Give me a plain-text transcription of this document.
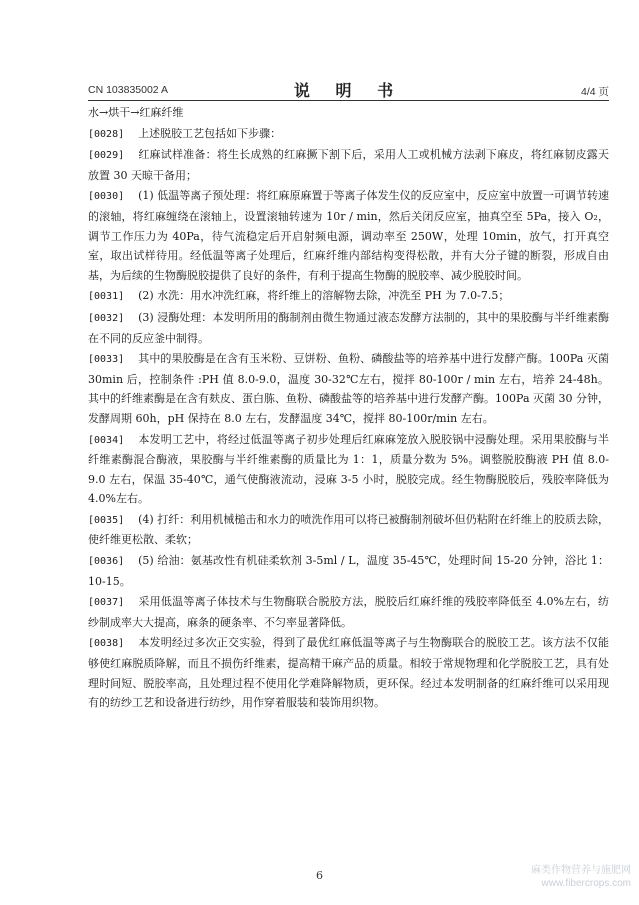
CN 103835002 A	说 明 书	4/4 页

水→烘干→红麻纤维

[0028] 上述脱胶工艺包括如下步骤：

[0029] 红麻试样准备：将生长成熟的红麻撅下割下后，采用人工或机械方法剥下麻皮，将红麻韧皮露天放置 30 天晾干备用；

[0030] (1) 低温等离子预处理：将红麻原麻置于等离子体发生仪的反应室中，反应室中放置一可调节转速的滚轴，将红麻缠绕在滚轴上，设置滚轴转速为 10r / min，然后关闭反应室，抽真空至 5Pa，接入 O₂，调节工作压力为 40Pa，待气流稳定后开启射频电源，调动率至 250W，处理 10min，放气，打开真空室，取出试样待用。经低温等离子处理后，红麻纤维内部结构变得松散，并有大分子键的断裂，形成自由基，为后续的生物酶脱胶提供了良好的条件，有利于提高生物酶的脱胶率、减少脱胶时间。

[0031] (2) 水洗：用水冲洗红麻，将纤维上的溶解物去除，冲洗至 PH 为 7.0-7.5；

[0032] (3) 浸酶处理：本发明所用的酶制剂由微生物通过液态发酵方法制的，其中的果胶酶与半纤维素酶在不同的反应釜中制得。

[0033] 其中的果胶酶是在含有玉米粉、豆饼粉、鱼粉、磷酸盐等的培养基中进行发酵产酶。100Pa 灭菌 30min 后，控制条件 :PH 值 8.0-9.0，温度 30-32℃左右，搅拌 80-100r / min 左右，培养 24-48h。其中的纤维素酶是在含有麸皮、蛋白胨、鱼粉、磷酸盐等的培养基中进行发酵产酶。100Pa 灭菌 30 分钟，发酵周期 60h，pH 保持在 8.0 左右，发酵温度 34℃，搅拌 80-100r/min 左右。

[0034] 本发明工艺中，将经过低温等离子初步处理后红麻麻笼放入脱胶锅中浸酶处理。采用果胶酶与半纤维素酶混合酶液，果胶酶与半纤维素酶的质量比为 1：1，质量分数为 5%。调整脱胶酶液 PH 值 8.0-9.0 左右，保温 35-40℃，通气使酶液流动，浸麻 3-5 小时，脱胶完成。经生物酶脱胶后，残胶率降低为 4.0%左右。

[0035] (4) 打纤：利用机械槌击和水力的喷洗作用可以将已被酶制剂破坏但仍粘附在纤维上的胶质去除，使纤维更松散、柔软；

[0036] (5) 给油：氨基改性有机硅柔软剂 3-5ml / L，温度 35-45℃，处理时间 15-20 分钟，浴比 1：10-15。

[0037] 采用低温等离子体技术与生物酶联合脱胶方法，脱胶后红麻纤维的残胶率降低至 4.0%左右，纺纱制成率大大提高，麻条的硬条率、不匀率显著降低。

[0038] 本发明经过多次正交实验，得到了最优红麻低温等离子与生物酶联合的脱胶工艺。该方法不仅能够使红麻脱质降解，而且不损伤纤维素，提高精干麻产品的质量。相较于常规物理和化学脱胶工艺，具有处理时间短、脱胶率高，且处理过程不使用化学难降解物质，更环保。经过本发明制备的红麻纤维可以采用现有的纺纱工艺和设备进行纺纱，用作穿着服装和装饰用织物。

6	麻类作物营养与施肥网
www.fibercrops.com
